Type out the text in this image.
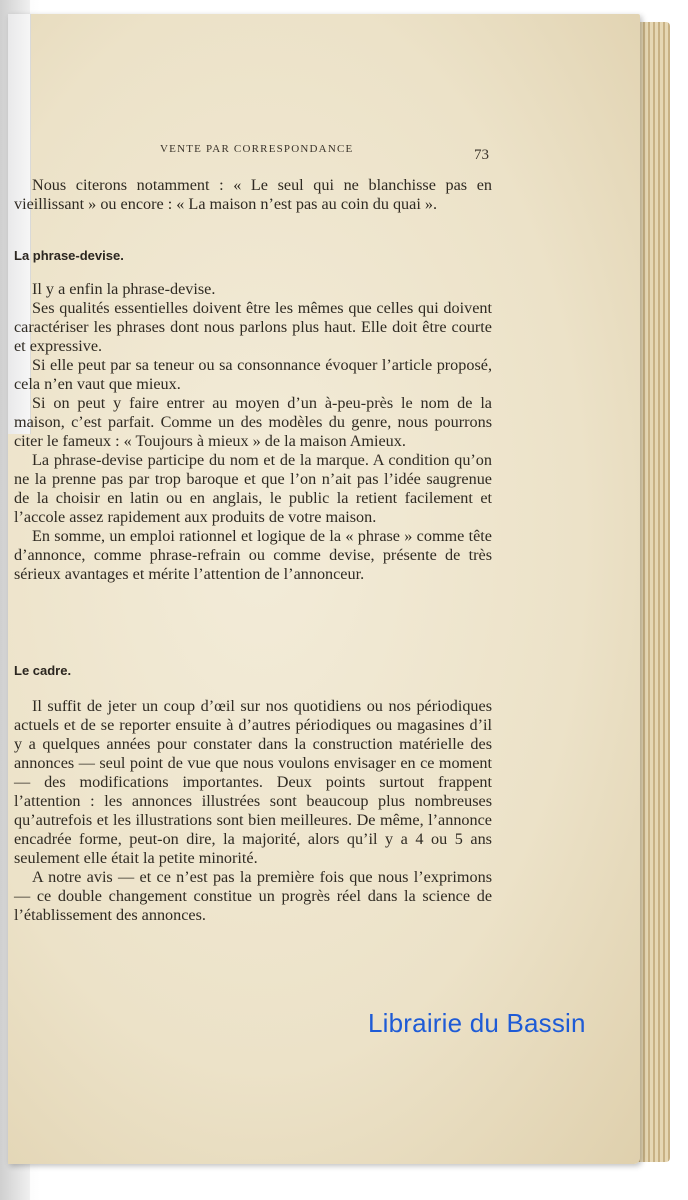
VENTE PAR CORRESPONDANCE	73

Nous citerons notamment : « Le seul qui ne blanchisse pas en vieillissant » ou encore : « La maison n’est pas au coin du quai ».

La phrase-devise.

Il y a enfin la phrase-devise.

Ses qualités essentielles doivent être les mêmes que celles qui doivent caractériser les phrases dont nous parlons plus haut. Elle doit être courte et expressive.

Si elle peut par sa teneur ou sa consonnance évoquer l’article proposé, cela n’en vaut que mieux.

Si on peut y faire entrer au moyen d’un à-peu-près le nom de la maison, c’est parfait. Comme un des modèles du genre, nous pourrons citer le fameux : « Toujours à mieux » de la maison Amieux.

La phrase-devise participe du nom et de la marque. A condition qu’on ne la prenne pas par trop baroque et que l’on n’ait pas l’idée saugrenue de la choisir en latin ou en anglais, le public la retient facilement et l’accole assez rapidement aux produits de votre maison.

En somme, un emploi rationnel et logique de la « phrase » comme tête d’annonce, comme phrase-refrain ou comme devise, présente de très sérieux avantages et mérite l’attention de l’annonceur.

Le cadre.

Il suffit de jeter un coup d’œil sur nos quotidiens ou nos périodiques actuels et de se reporter ensuite à d’autres périodiques ou magasines d’il y a quelques années pour constater dans la construction matérielle des annonces — seul point de vue que nous voulons envisager en ce moment — des modifications importantes. Deux points surtout frappent l’attention : les annonces illustrées sont beaucoup plus nombreuses qu’autrefois et les illustrations sont bien meilleures. De même, l’annonce encadrée forme, peut-on dire, la majorité, alors qu’il y a 4 ou 5 ans seulement elle était la petite minorité.

A notre avis — et ce n’est pas la première fois que nous l’exprimons — ce double changement constitue un progrès réel dans la science de l’établissement des annonces.

Librairie du Bassin
